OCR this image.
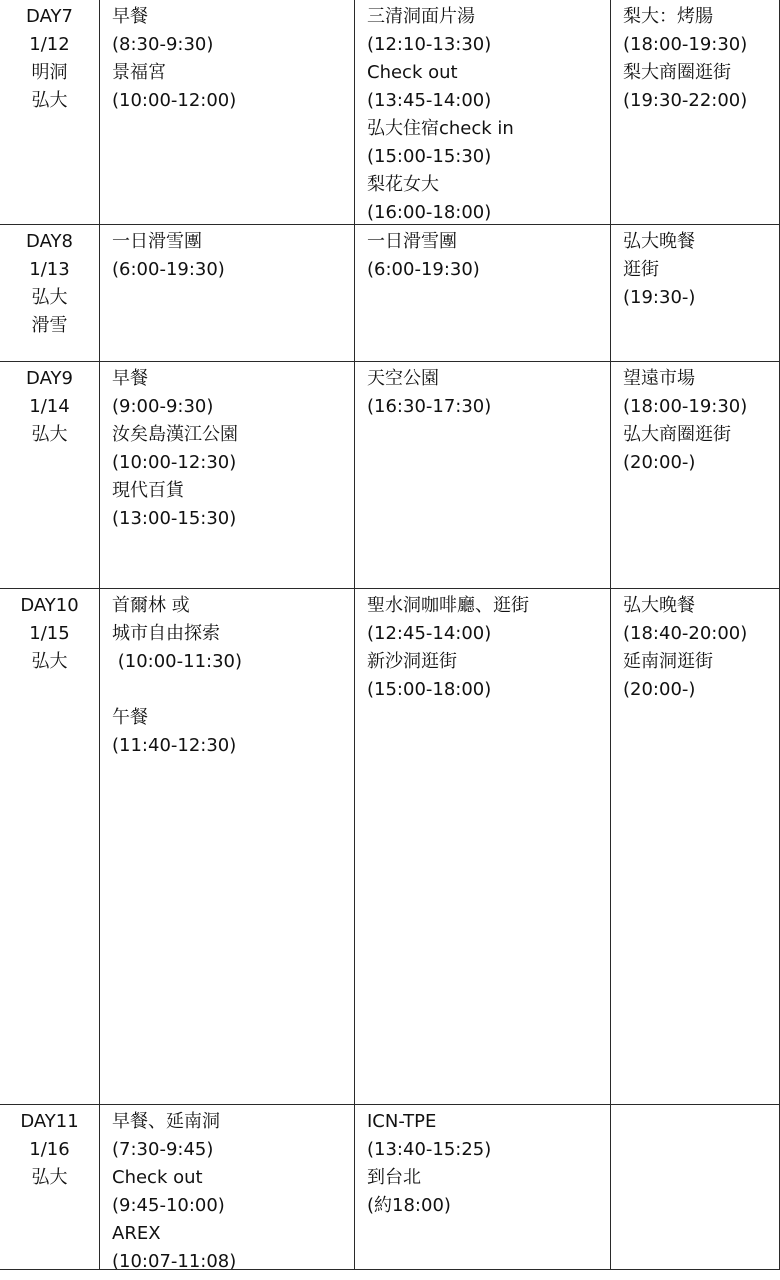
DAY7
1/12
明洞
弘大
早餐
(8:30-9:30)
景福宮
(10:00-12:00)
三清洞面片湯
(12:10-13:30)
Check out
(13:45-14:00)
弘大住宿check in
(15:00-15:30)
梨花女大
(16:00-18:00)
梨大：烤腸
(18:00-19:30)
梨大商圈逛街
(19:30-22:00)
DAY8
1/13
弘大
滑雪
一日滑雪團
(6:00-19:30)
一日滑雪團
(6:00-19:30)
弘大晚餐
逛街
(19:30-)
DAY9
1/14
弘大
早餐
(9:00-9:30)
汝矣島漢江公園
(10:00-12:30)
現代百貨
(13:00-15:30)
天空公園
(16:30-17:30)
望遠市場
(18:00-19:30)
弘大商圈逛街
(20:00-)
DAY10
1/15
弘大
首爾林 或
城市自由探索
(10:00-11:30)
午餐
(11:40-12:30)
聖水洞咖啡廳、逛街
(12:45-14:00)
新沙洞逛街
(15:00-18:00)
弘大晚餐
(18:40-20:00)
延南洞逛街
(20:00-)
DAY11
1/16
弘大
早餐、延南洞
(7:30-9:45)
Check out
(9:45-10:00)
AREX
(10:07-11:08)
ICN-TPE
(13:40-15:25)
到台北
(約18:00)
